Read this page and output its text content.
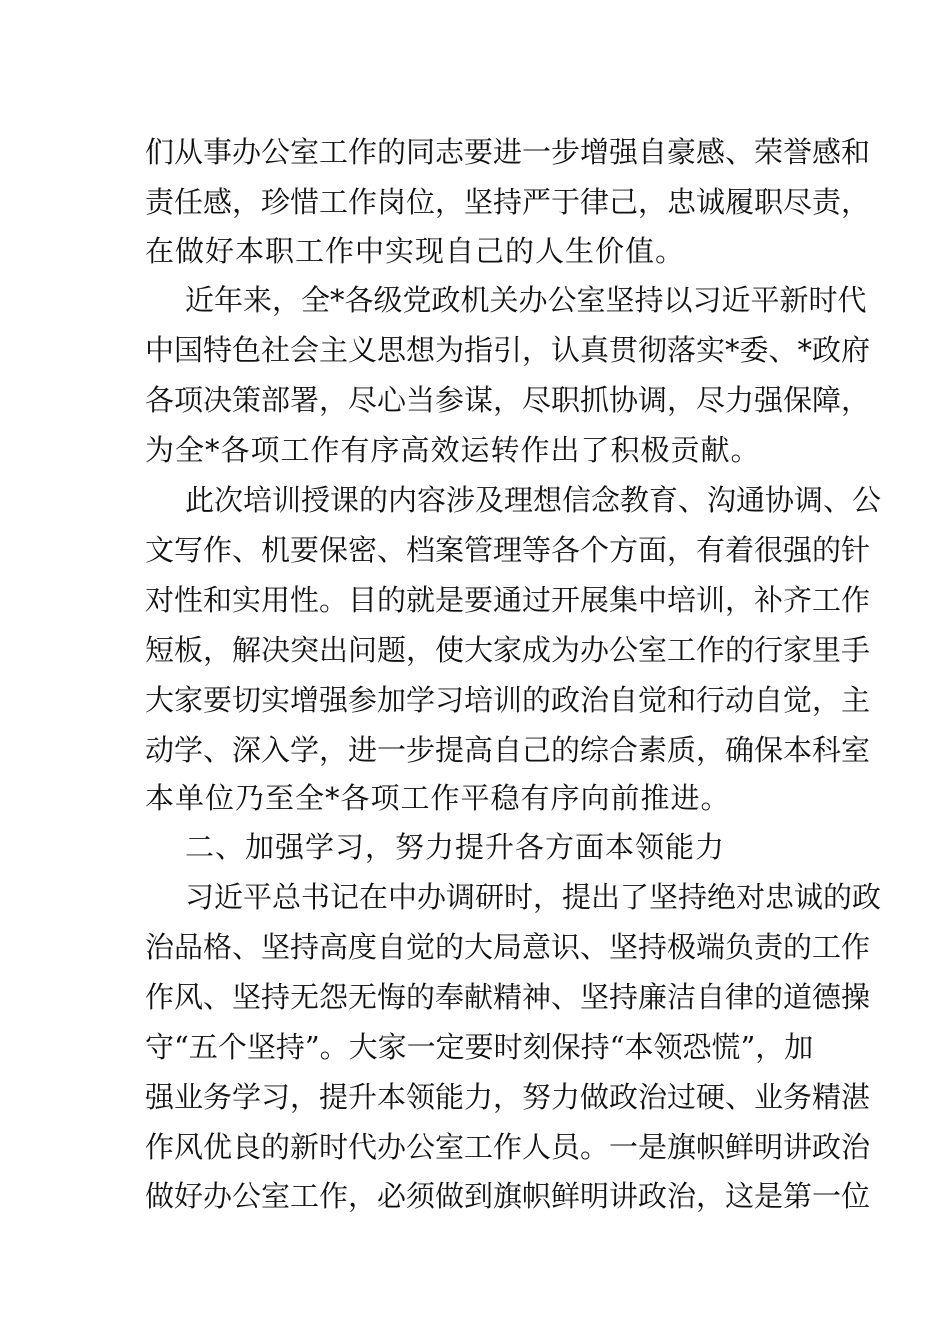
们从事办公室工作的同志要进一步增强自豪感、荣誉感和

责任感，珍惜工作岗位，坚持严于律己，忠诚履职尽责，

在做好本职工作中实现自己的人生价值。

近年来，全*各级党政机关办公室坚持以习近平新时代

中国特色社会主义思想为指引，认真贯彻落实*委、*政府

各项决策部署，尽心当参谋，尽职抓协调，尽力强保障，

为全*各项工作有序高效运转作出了积极贡献。

此次培训授课的内容涉及理想信念教育、沟通协调、公

文写作、机要保密、档案管理等各个方面，有着很强的针

对性和实用性。目的就是要通过开展集中培训，补齐工作

短板，解决突出问题，使大家成为办公室工作的行家里手

大家要切实增强参加学习培训的政治自觉和行动自觉，主

动学、深入学，进一步提高自己的综合素质，确保本科室

本单位乃至全*各项工作平稳有序向前推进。

二、加强学习，努力提升各方面本领能力

习近平总书记在中办调研时，提出了坚持绝对忠诚的政

治品格、坚持高度自觉的大局意识、坚持极端负责的工作

作风、坚持无怨无悔的奉献精神、坚持廉洁自律的道德操

守“五个坚持”。大家一定要时刻保持“本领恐慌”，加

强业务学习，提升本领能力，努力做政治过硬、业务精湛

作风优良的新时代办公室工作人员。一是旗帜鲜明讲政治

做好办公室工作，必须做到旗帜鲜明讲政治，这是第一位
